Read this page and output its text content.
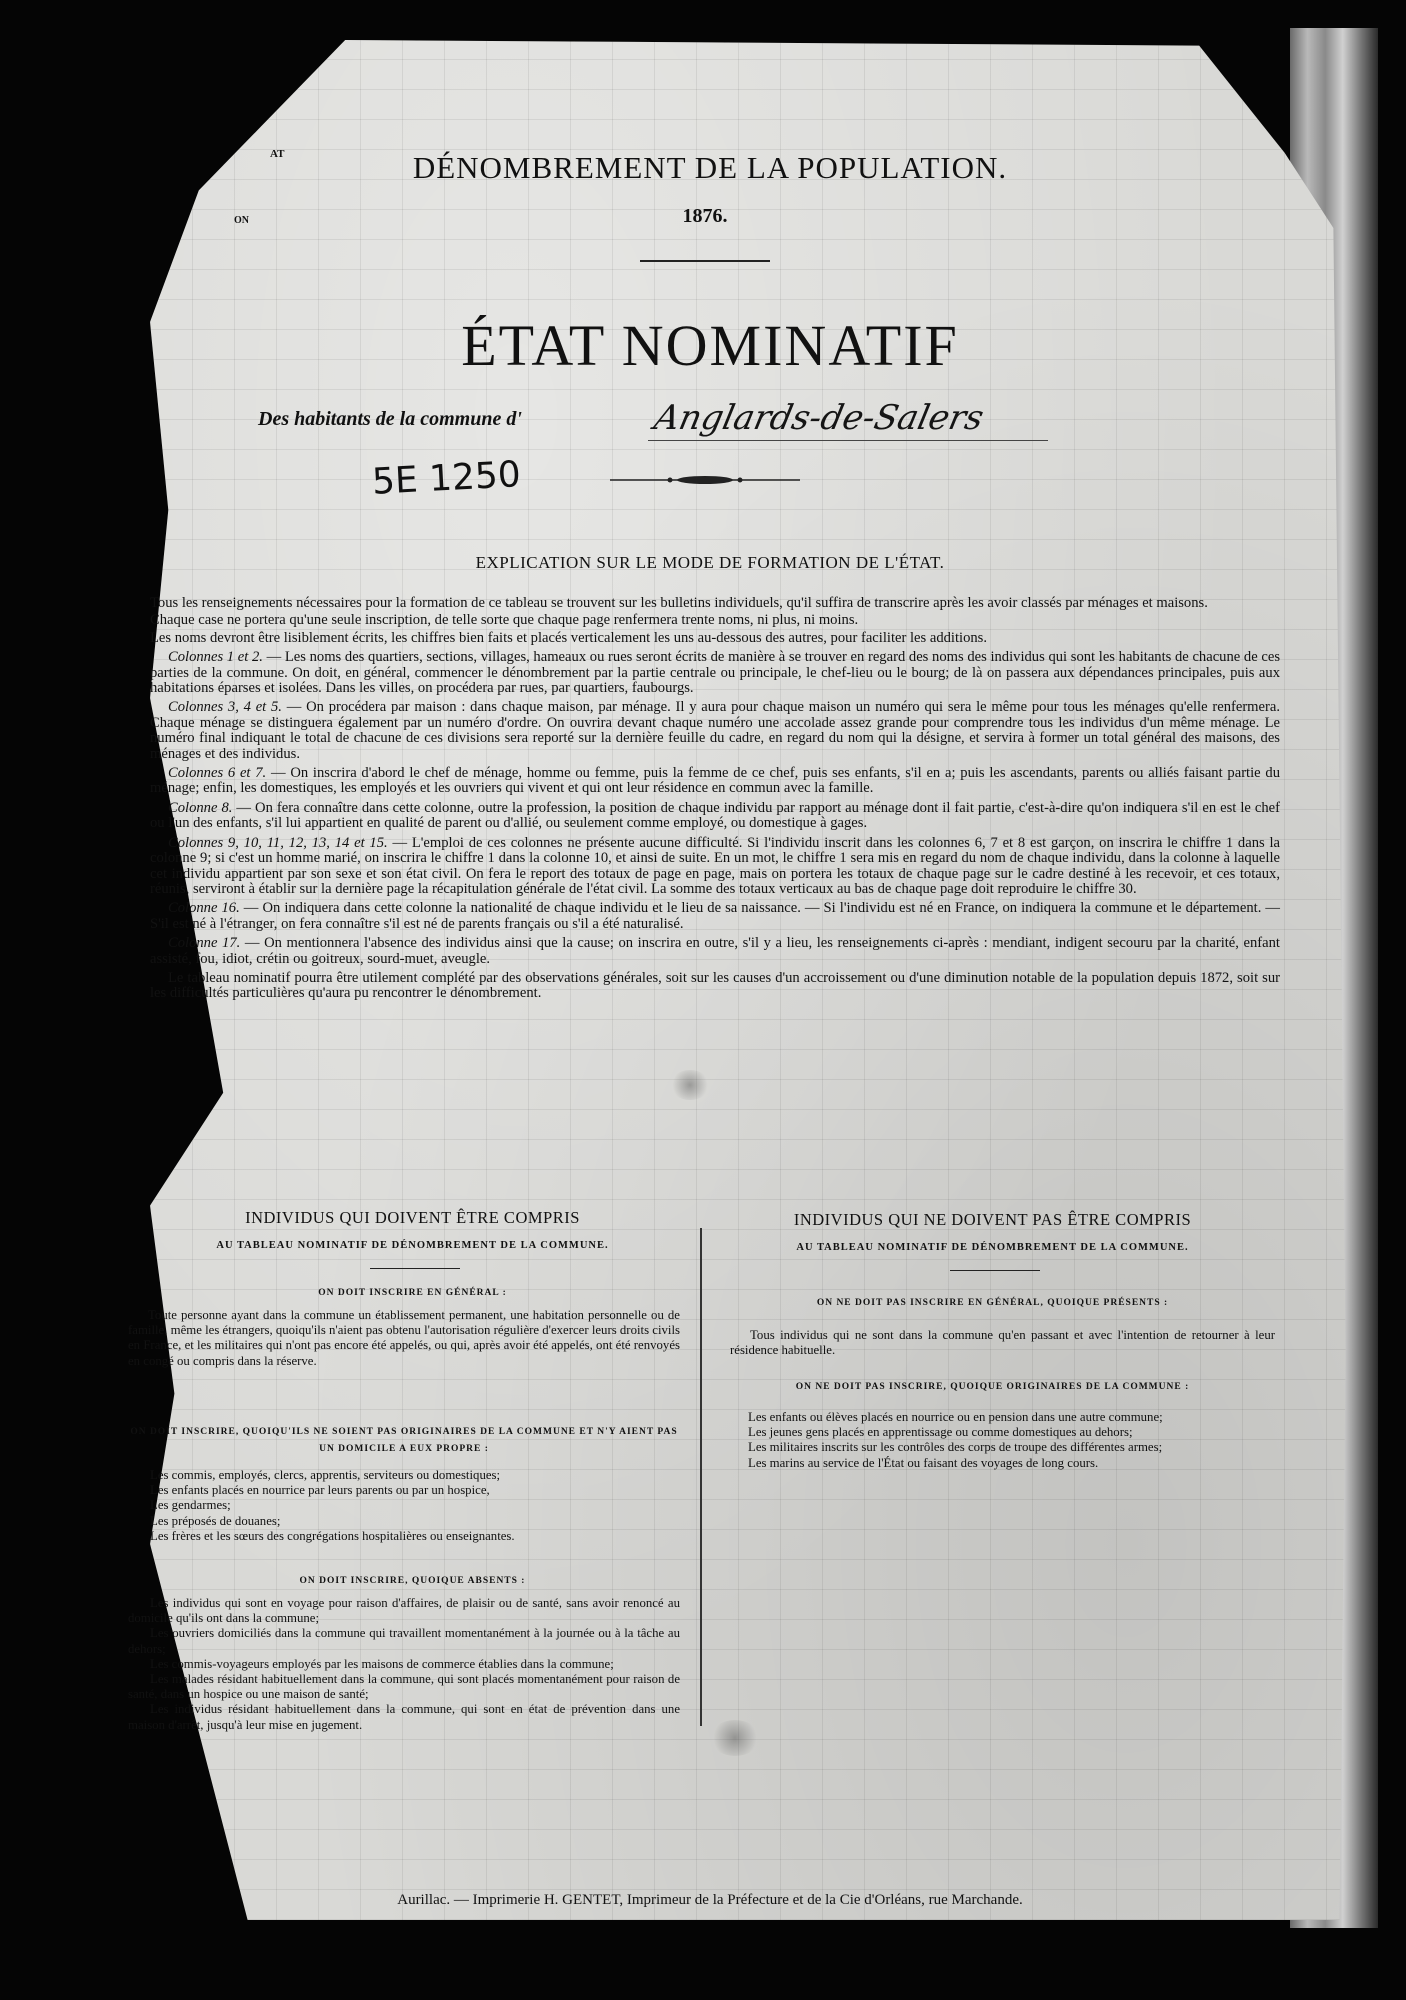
AT
ON
DÉNOMBREMENT DE LA POPULATION.
1876.
ÉTAT NOMINATIF
Des habitants de la commune d'	Anglards-de-Salers
5E 1250
EXPLICATION SUR LE MODE DE FORMATION DE L'ÉTAT.
Tous les renseignements nécessaires pour la formation de ce tableau se trouvent sur les bulletins individuels, qu'il suffira de transcrire après les avoir classés par ménages et maisons.
Chaque case ne portera qu'une seule inscription, de telle sorte que chaque page renfermera trente noms, ni plus, ni moins.
Les noms devront être lisiblement écrits, les chiffres bien faits et placés verticalement les uns au-dessous des autres, pour faciliter les additions.
Colonnes 1 et 2. — Les noms des quartiers, sections, villages, hameaux ou rues seront écrits de manière à se trouver en regard des noms des individus qui sont les habitants de chacune de ces parties de la commune. On doit, en général, commencer le dénombrement par la partie centrale ou principale, le chef-lieu ou le bourg; de là on passera aux dépendances principales, puis aux habitations éparses et isolées. Dans les villes, on procédera par rues, par quartiers, faubourgs.
Colonnes 3, 4 et 5. — On procédera par maison : dans chaque maison, par ménage. Il y aura pour chaque maison un numéro qui sera le même pour tous les ménages qu'elle renfermera. Chaque ménage se distinguera également par un numéro d'ordre. On ouvrira devant chaque numéro une accolade assez grande pour comprendre tous les individus d'un même ménage. Le numéro final indiquant le total de chacune de ces divisions sera reporté sur la dernière feuille du cadre, en regard du nom qui la désigne, et servira à former un total général des maisons, des ménages et des individus.
Colonnes 6 et 7. — On inscrira d'abord le chef de ménage, homme ou femme, puis la femme de ce chef, puis ses enfants, s'il en a; puis les ascendants, parents ou alliés faisant partie du ménage; enfin, les domestiques, les employés et les ouvriers qui vivent et qui ont leur résidence en commun avec la famille.
Colonne 8. — On fera connaître dans cette colonne, outre la profession, la position de chaque individu par rapport au ménage dont il fait partie, c'est-à-dire qu'on indiquera s'il en est le chef ou l'un des enfants, s'il lui appartient en qualité de parent ou d'allié, ou seulement comme employé, ou domestique à gages.
Colonnes 9, 10, 11, 12, 13, 14 et 15. — L'emploi de ces colonnes ne présente aucune difficulté. Si l'individu inscrit dans les colonnes 6, 7 et 8 est garçon, on inscrira le chiffre 1 dans la colonne 9; si c'est un homme marié, on inscrira le chiffre 1 dans la colonne 10, et ainsi de suite. En un mot, le chiffre 1 sera mis en regard du nom de chaque individu, dans la colonne à laquelle cet individu appartient par son sexe et son état civil. On fera le report des totaux de page en page, mais on portera les totaux de chaque page sur le cadre destiné à les recevoir, et ces totaux, réunis, serviront à établir sur la dernière page la récapitulation générale de l'état civil. La somme des totaux verticaux au bas de chaque page doit reproduire le chiffre 30.
Colonne 16. — On indiquera dans cette colonne la nationalité de chaque individu et le lieu de sa naissance. — Si l'individu est né en France, on indiquera la commune et le département. — S'il est né à l'étranger, on fera connaître s'il est né de parents français ou s'il a été naturalisé.
Colonne 17. — On mentionnera l'absence des individus ainsi que la cause; on inscrira en outre, s'il y a lieu, les renseignements ci-après : mendiant, indigent secouru par la charité, enfant assisté, fou, idiot, crétin ou goitreux, sourd-muet, aveugle.
Le tableau nominatif pourra être utilement complété par des observations générales, soit sur les causes d'un accroissement ou d'une diminution notable de la population depuis 1872, soit sur les difficultés particulières qu'aura pu rencontrer le dénombrement.
INDIVIDUS QUI DOIVENT ÊTRE COMPRIS
AU TABLEAU NOMINATIF DE DÉNOMBREMENT DE LA COMMUNE.
ON DOIT INSCRIRE EN GÉNÉRAL :
Toute personne ayant dans la commune un établissement permanent, une habitation personnelle ou de famille, même les étrangers, quoiqu'ils n'aient pas obtenu l'autorisation régulière d'exercer leurs droits civils en France, et les militaires qui n'ont pas encore été appelés, ou qui, après avoir été appelés, ont été renvoyés en congé ou compris dans la réserve.
ON DOIT INSCRIRE, QUOIQU'ILS NE SOIENT PAS ORIGINAIRES DE LA COMMUNE ET N'Y AIENT PAS UN DOMICILE A EUX PROPRE :
Les commis, employés, clercs, apprentis, serviteurs ou domestiques;
Les enfants placés en nourrice par leurs parents ou par un hospice,
Les gendarmes;
Les préposés de douanes;
Les frères et les sœurs des congrégations hospitalières ou enseignantes.
ON DOIT INSCRIRE, QUOIQUE ABSENTS :
Les individus qui sont en voyage pour raison d'affaires, de plaisir ou de santé, sans avoir renoncé au domicile qu'ils ont dans la commune;
Les ouvriers domiciliés dans la commune qui travaillent momentanément à la journée ou à la tâche au dehors;
Les commis-voyageurs employés par les maisons de commerce établies dans la commune;
Les malades résidant habituellement dans la commune, qui sont placés momentanément pour raison de santé, dans un hospice ou une maison de santé;
Les individus résidant habituellement dans la commune, qui sont en état de prévention dans une maison d'arrêt, jusqu'à leur mise en jugement.
INDIVIDUS QUI NE DOIVENT PAS ÊTRE COMPRIS
AU TABLEAU NOMINATIF DE DÉNOMBREMENT DE LA COMMUNE.
ON NE DOIT PAS INSCRIRE EN GÉNÉRAL, QUOIQUE PRÉSENTS :
Tous individus qui ne sont dans la commune qu'en passant et avec l'intention de retourner à leur résidence habituelle.
ON NE DOIT PAS INSCRIRE, QUOIQUE ORIGINAIRES DE LA COMMUNE :
Les enfants ou élèves placés en nourrice ou en pension dans une autre commune;
Les jeunes gens placés en apprentissage ou comme domestiques au dehors;
Les militaires inscrits sur les contrôles des corps de troupe des différentes armes;
Les marins au service de l'État ou faisant des voyages de long cours.
Aurillac. — Imprimerie H. GENTET, Imprimeur de la Préfecture et de la Cie d'Orléans, rue Marchande.
